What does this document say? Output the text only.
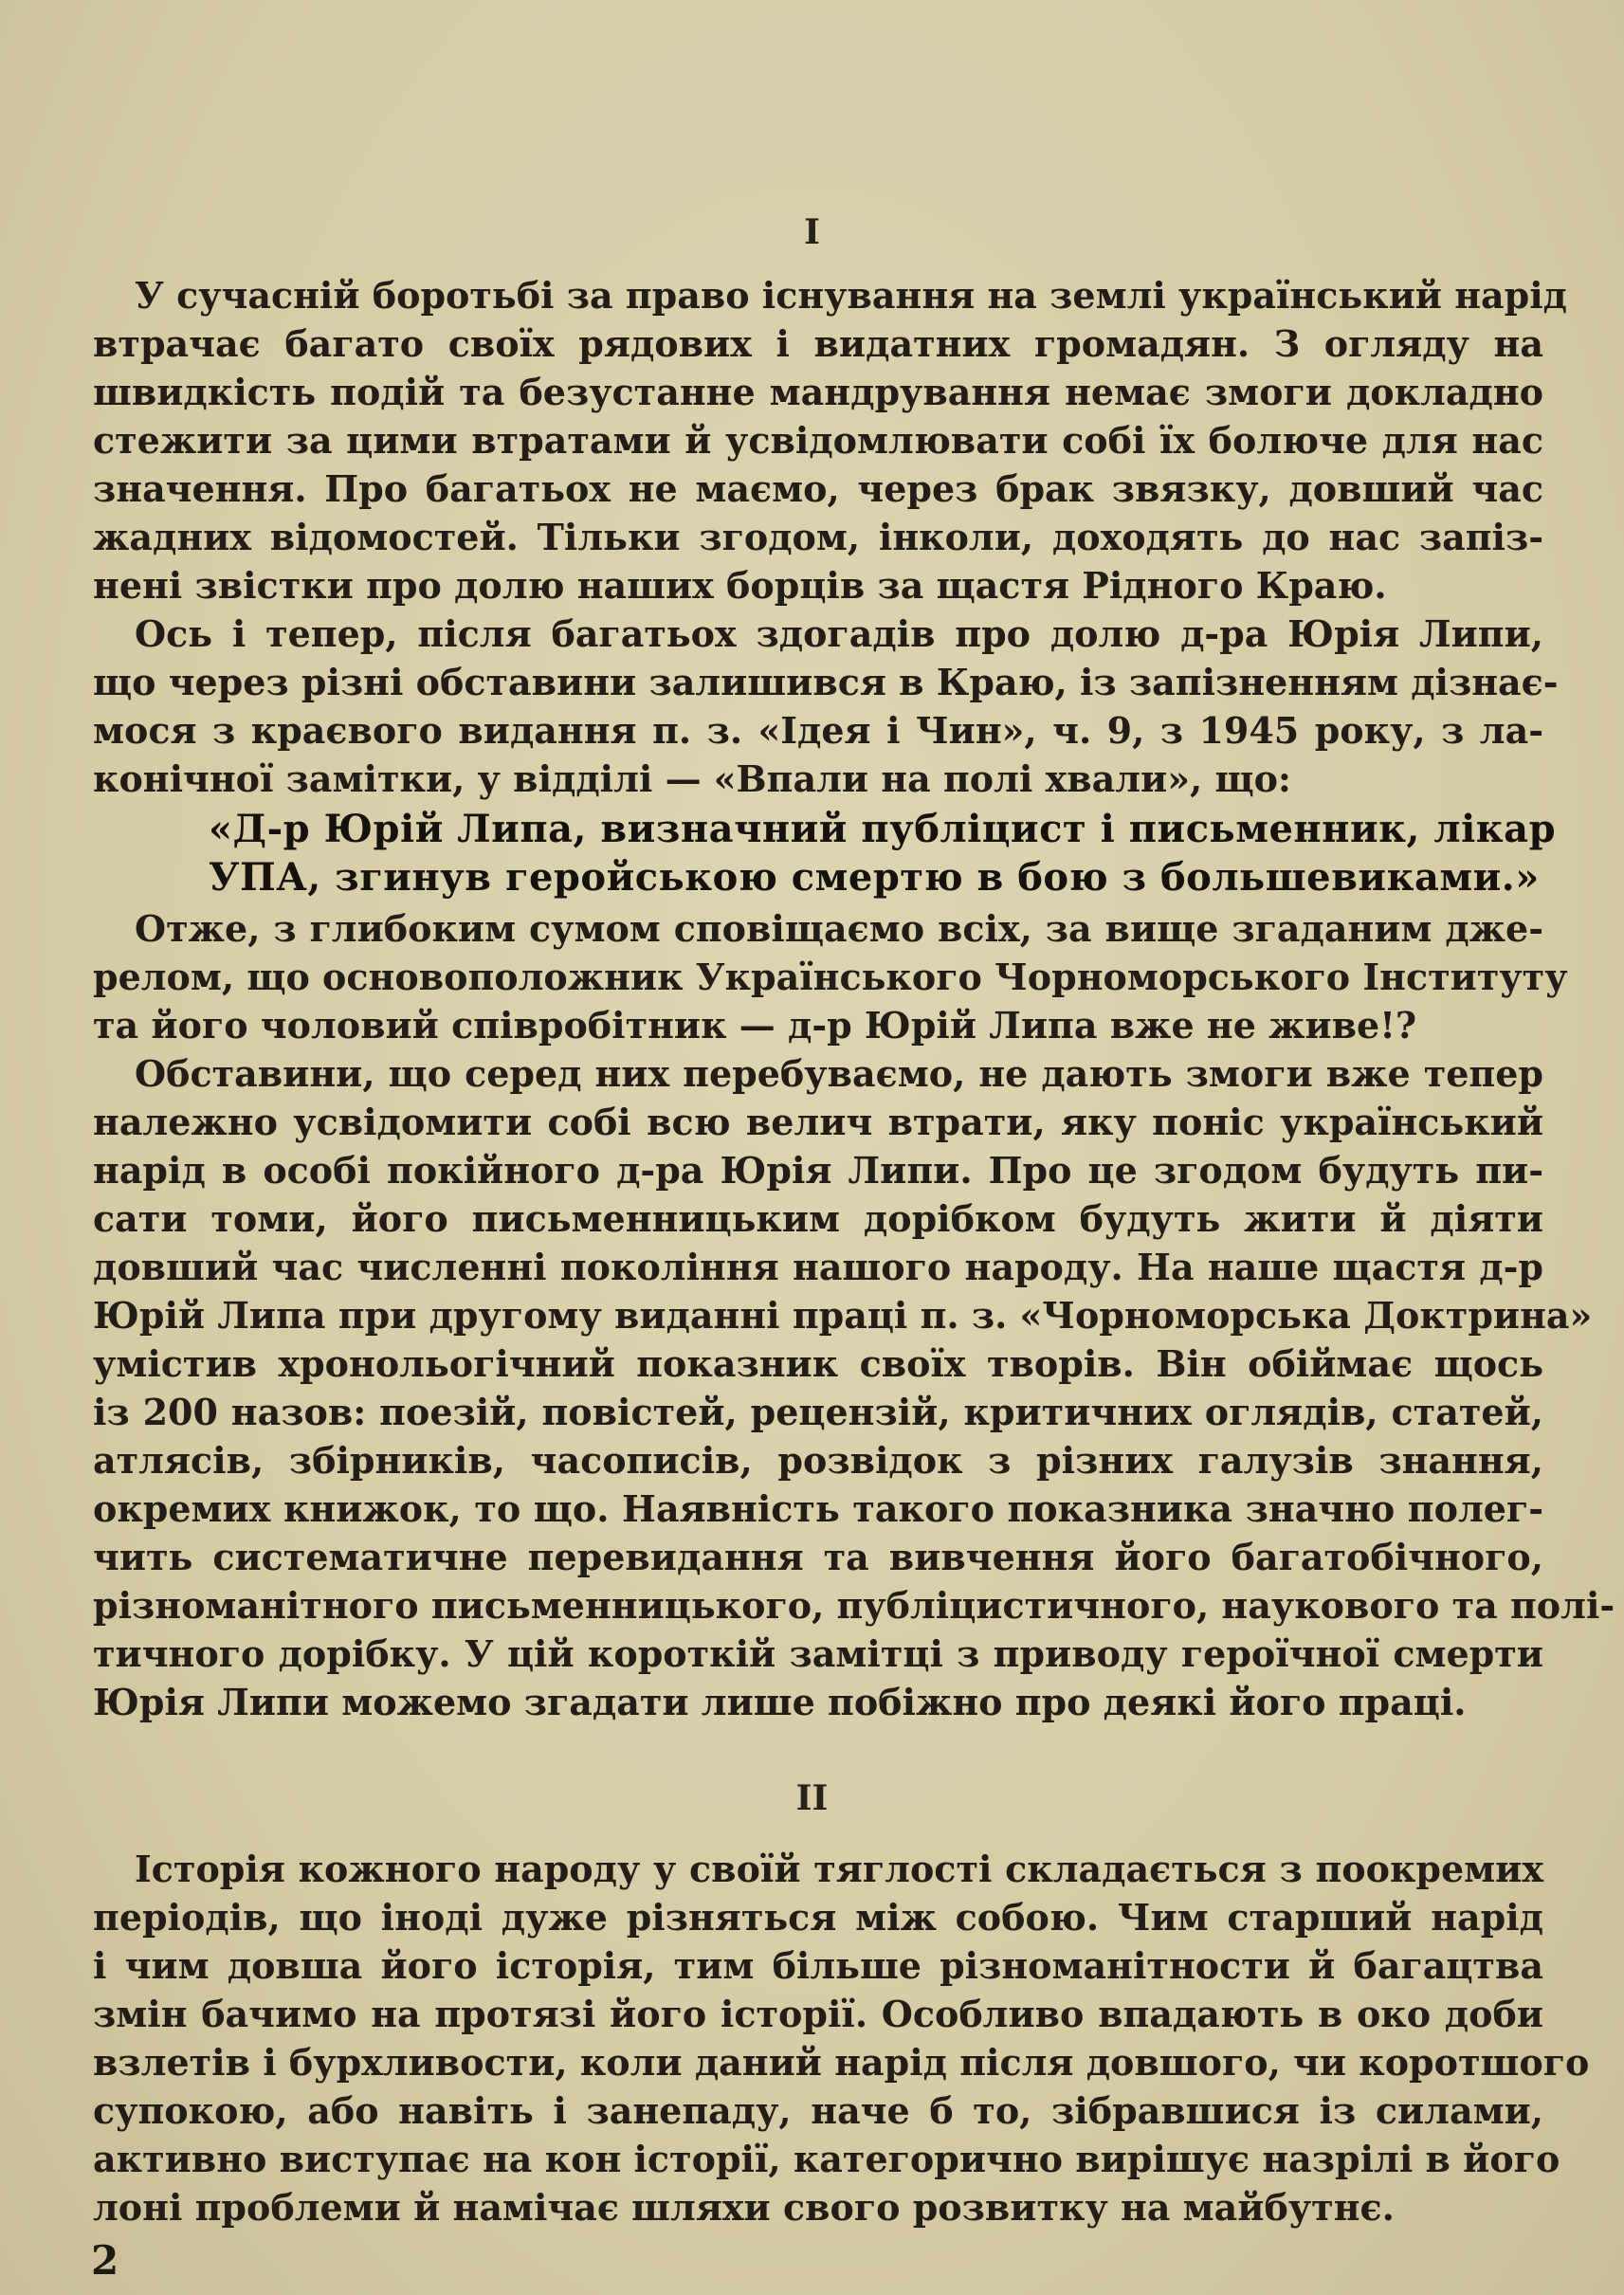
I
У сучасній боротьбі за право існування на землі український нарід
втрачає багато своїх рядових і видатних громадян. З огляду на
швидкість подій та безустанне мандрування немає змоги докладно
стежити за цими втратами й усвідомлювати собі їх болюче для нас
значення. Про багатьох не маємо, через брак звязку, довший час
жадних відомостей. Тільки згодом, інколи, доходять до нас запіз-
нені звістки про долю наших борців за щастя Рідного Краю.
Ось і тепер, після багатьох здогадів про долю д-ра Юрія Липи,
що через різні обставини залишився в Краю, із запізненням дізнає-
мося з краєвого видання п. з. «Ідея і Чин», ч. 9, з 1945 року, з ла-
конічної замітки, у відділі — «Впали на полі хвали», що:
«Д-р Юрій Липа, визначний публіцист і письменник, лікар
УПА, згинув геройською смертю в бою з большевиками.»
Отже, з глибоким сумом сповіщаємо всіх, за вище згаданим дже-
релом, що основоположник Українського Чорноморського Інституту
та його чоловий співробітник — д-р Юрій Липа вже не живе!?
Обставини, що серед них перебуваємо, не дають змоги вже тепер
належно усвідомити собі всю велич втрати, яку поніс український
нарід в особі покійного д-ра Юрія Липи. Про це згодом будуть пи-
сати томи, його письменницьким дорібком будуть жити й діяти
довший час численні покоління нашого народу. На наше щастя д-р
Юрій Липа при другому виданні праці п. з. «Чорноморська Доктрина»
умістив хронольогічний показник своїх творів. Він обіймає щось
із 200 назов: поезій, повістей, рецензій, критичних оглядів, статей,
атлясів, збірників, часописів, розвідок з різних галузів знання,
окремих книжок, то що. Наявність такого показника значно полег-
чить систематичне перевидання та вивчення його багатобічного,
різноманітного письменницького, публіцистичного, наукового та полі-
тичного дорібку. У цій короткій замітці з приводу героїчної смерти
Юрія Липи можемо згадати лише побіжно про деякі його праці.
II
Історія кожного народу у своїй тяглості складається з поокремих
періодів, що іноді дуже різняться між собою. Чим старший нарід
і чим довша його історія, тим більше різноманітности й багацтва
змін бачимо на протязі його історії. Особливо впадають в око доби
взлетів і бурхливости, коли даний нарід після довшого, чи коротшого
супокою, або навіть і занепаду, наче б то, зібравшися із силами,
активно виступає на кон історії, категорично вирішує назрілі в його
лоні проблеми й намічає шляхи свого розвитку на майбутнє.
2
